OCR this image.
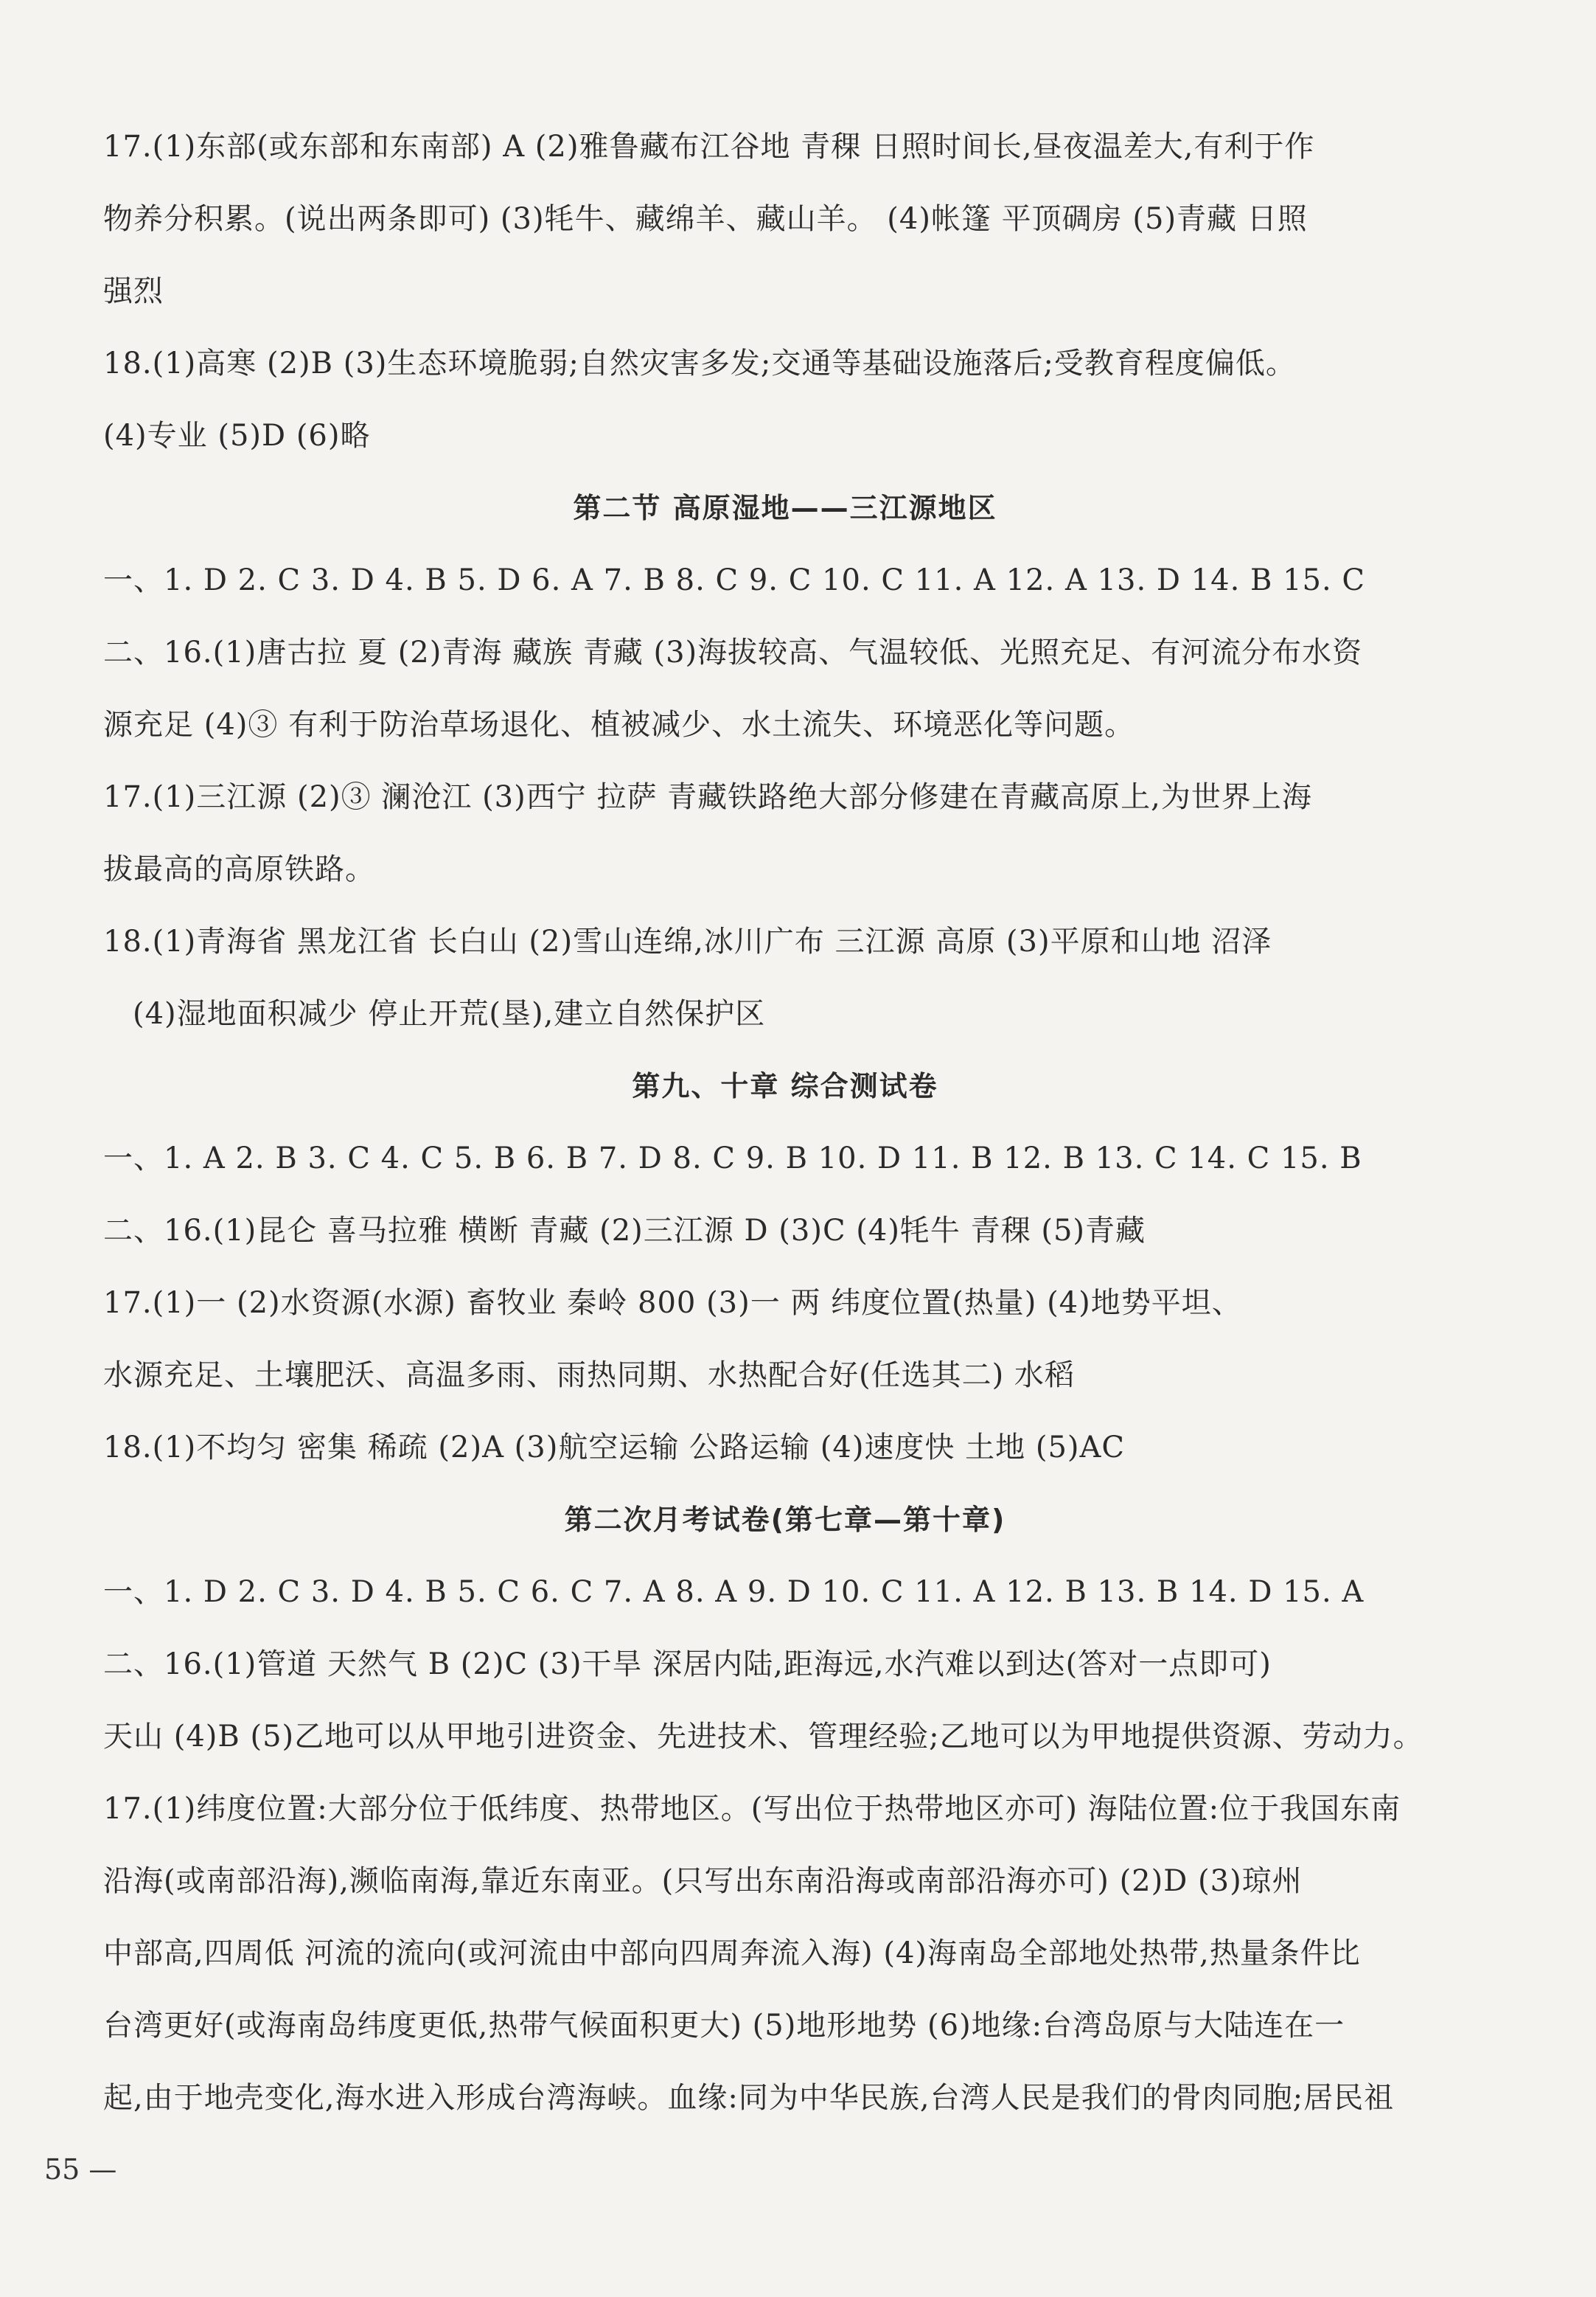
17.(1)东部(或东部和东南部) A (2)雅鲁藏布江谷地 青稞 日照时间长,昼夜温差大,有利于作
物养分积累。(说出两条即可) (3)牦牛、藏绵羊、藏山羊。 (4)帐篷 平顶碉房 (5)青藏 日照
强烈
18.(1)高寒 (2)B (3)生态环境脆弱;自然灾害多发;交通等基础设施落后;受教育程度偏低。
(4)专业 (5)D (6)略
第二节 高原湿地——三江源地区
一、1. D 2. C 3. D 4. B 5. D 6. A 7. B 8. C 9. C 10. C 11. A 12. A 13. D 14. B 15. C
二、16.(1)唐古拉 夏 (2)青海 藏族 青藏 (3)海拔较高、气温较低、光照充足、有河流分布水资
源充足 (4)③ 有利于防治草场退化、植被减少、水土流失、环境恶化等问题。
17.(1)三江源 (2)③ 澜沧江 (3)西宁 拉萨 青藏铁路绝大部分修建在青藏高原上,为世界上海
拔最高的高原铁路。
18.(1)青海省 黑龙江省 长白山 (2)雪山连绵,冰川广布 三江源 高原 (3)平原和山地 沼泽
(4)湿地面积减少 停止开荒(垦),建立自然保护区
第九、十章 综合测试卷
一、1. A 2. B 3. C 4. C 5. B 6. B 7. D 8. C 9. B 10. D 11. B 12. B 13. C 14. C 15. B
二、16.(1)昆仑 喜马拉雅 横断 青藏 (2)三江源 D (3)C (4)牦牛 青稞 (5)青藏
17.(1)一 (2)水资源(水源) 畜牧业 秦岭 800 (3)一 两 纬度位置(热量) (4)地势平坦、
水源充足、土壤肥沃、高温多雨、雨热同期、水热配合好(任选其二) 水稻
18.(1)不均匀 密集 稀疏 (2)A (3)航空运输 公路运输 (4)速度快 土地 (5)AC
第二次月考试卷(第七章—第十章)
一、1. D 2. C 3. D 4. B 5. C 6. C 7. A 8. A 9. D 10. C 11. A 12. B 13. B 14. D 15. A
二、16.(1)管道 天然气 B (2)C (3)干旱 深居内陆,距海远,水汽难以到达(答对一点即可)
天山 (4)B (5)乙地可以从甲地引进资金、先进技术、管理经验;乙地可以为甲地提供资源、劳动力。
17.(1)纬度位置:大部分位于低纬度、热带地区。(写出位于热带地区亦可) 海陆位置:位于我国东南
沿海(或南部沿海),濒临南海,靠近东南亚。(只写出东南沿海或南部沿海亦可) (2)D (3)琼州
中部高,四周低 河流的流向(或河流由中部向四周奔流入海) (4)海南岛全部地处热带,热量条件比
台湾更好(或海南岛纬度更低,热带气候面积更大) (5)地形地势 (6)地缘:台湾岛原与大陆连在一
起,由于地壳变化,海水进入形成台湾海峡。血缘:同为中华民族,台湾人民是我们的骨肉同胞;居民祖
55 —
